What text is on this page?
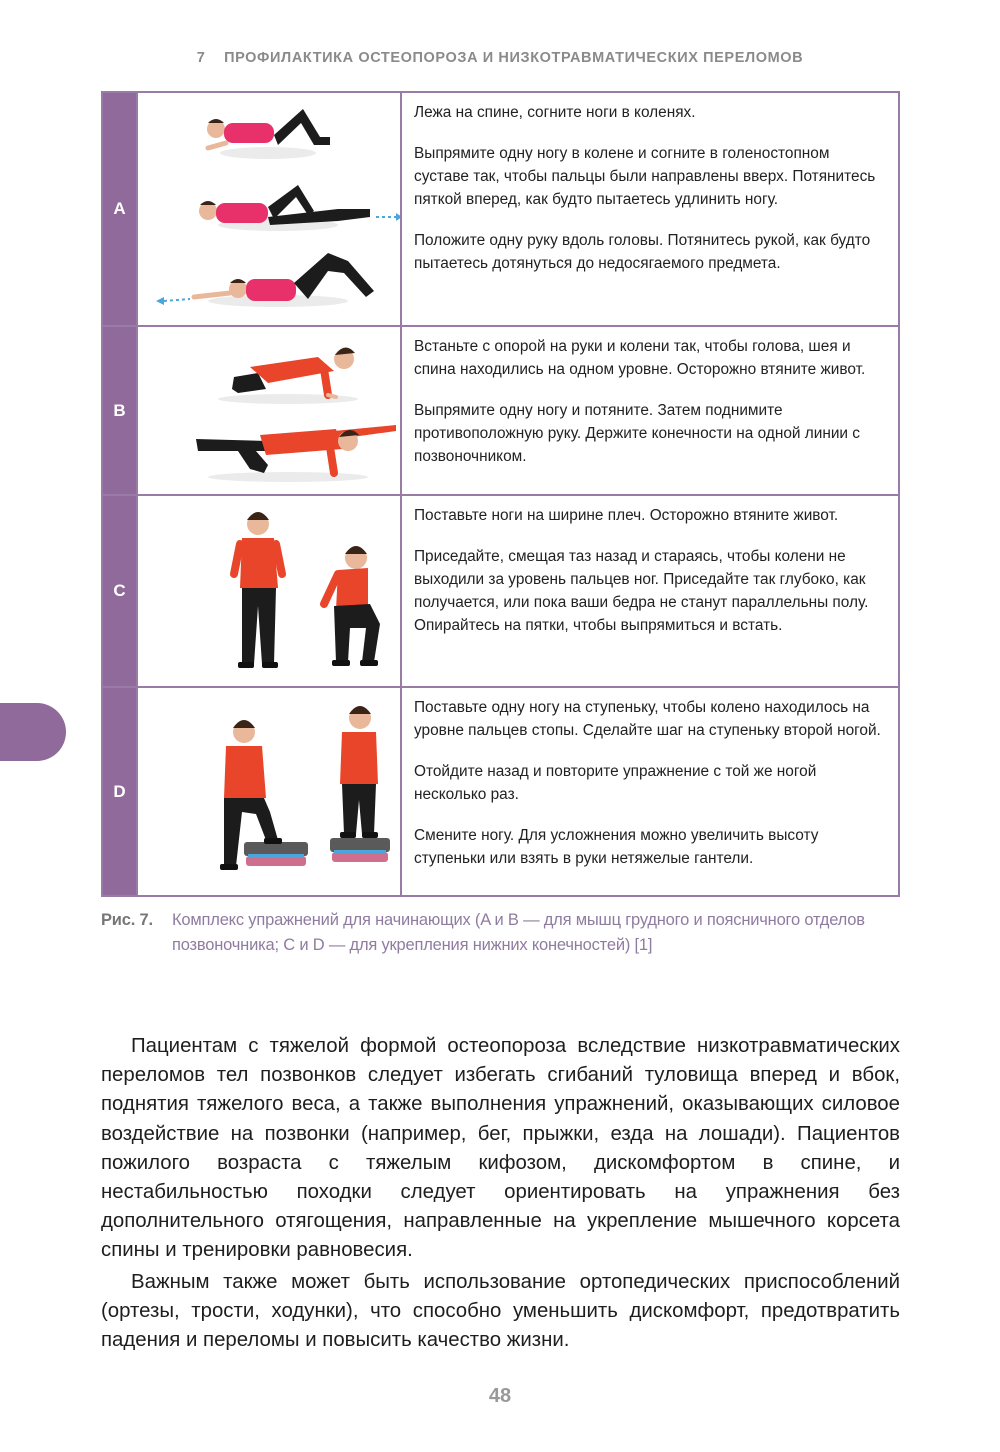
7 ПРОФИЛАКТИКА ОСТЕОПОРОЗА И НИЗКОТРАВМАТИЧЕСКИХ ПЕРЕЛОМОВ
A		Лежа на спине, согните ноги в коленях.

Выпрямите одну ногу в колене и согните в голеностопном суставе так, чтобы пальцы были направлены вверх. Потянитесь пяткой вперед, как будто пытаетесь удлинить ногу.

Положите одну руку вдоль головы. Потянитесь рукой, как будто пытаетесь дотянуться до недосягаемого предмета.

B		Встаньте с опорой на руки и колени так, чтобы голова, шея и спина находились на одном уровне. Осторожно втяните живот.

Выпрямите одну ногу и потяните. Затем поднимите противоположную руку. Держите конечности на одной линии с позвоночником.

C		Поставьте ноги на ширине плеч. Осторожно втяните живот.

Приседайте, смещая таз назад и стараясь, чтобы колени не выходили за уровень пальцев ног. Приседайте так глубоко, как получается, или пока ваши бедра не станут параллельны полу. Опирайтесь на пятки, чтобы выпрямиться и встать.

D		Поставьте одну ногу на ступеньку, чтобы колено находилось на уровне пальцев стопы. Сделайте шаг на ступеньку второй ногой.

Отойдите назад и повторите упражнение с той же ногой несколько раз.

Смените ногу. Для усложнения можно увеличить высоту ступеньки или взять в руки нетяжелые гантели.

Рис. 7. Комплекс упражнений для начинающих (A и B — для мышц грудного и поясничного отделов позвоночника; C и D — для укрепления нижних конечностей) [1]

Пациентам с тяжелой формой остеопороза вследствие низкотравматических переломов тел позвонков следует избегать сгибаний туловища вперед и вбок, поднятия тяжелого веса, а также выполнения упражнений, оказывающих силовое воздействие на позвонки (например, бег, прыжки, езда на лошади). Пациентов пожилого возраста с тяжелым кифозом, дискомфортом в спине, и нестабильностью походки следует ориентировать на упражнения без дополнительного отягощения, направленные на укрепление мышечного корсета спины и тренировки равновесия.

Важным также может быть использование ортопедических приспособлений (ортезы, трости, ходунки), что способно уменьшить дискомфорт, предотвратить падения и переломы и повысить качество жизни.

48
